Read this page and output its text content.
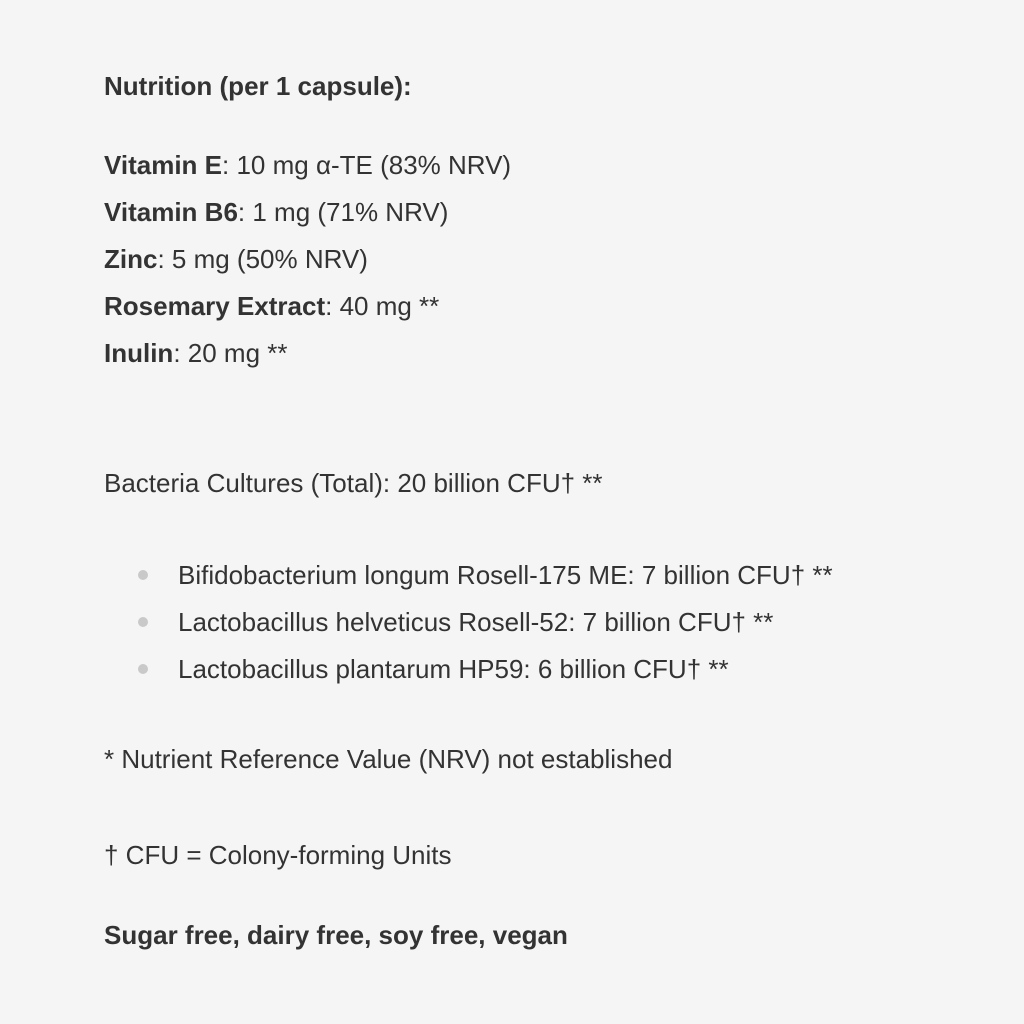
Nutrition (per 1 capsule):
Vitamin E: 10 mg α-TE (83% NRV)
Vitamin B6: 1 mg (71% NRV)
Zinc: 5 mg (50% NRV)
Rosemary Extract: 40 mg **
Inulin: 20 mg **
Bacteria Cultures (Total): 20 billion CFU† **
Bifidobacterium longum Rosell-175 ME: 7 billion CFU† **
Lactobacillus helveticus Rosell-52: 7 billion CFU† **
Lactobacillus plantarum HP59: 6 billion CFU† **
* Nutrient Reference Value (NRV) not established
† CFU = Colony-forming Units
Sugar free, dairy free, soy free, vegan
